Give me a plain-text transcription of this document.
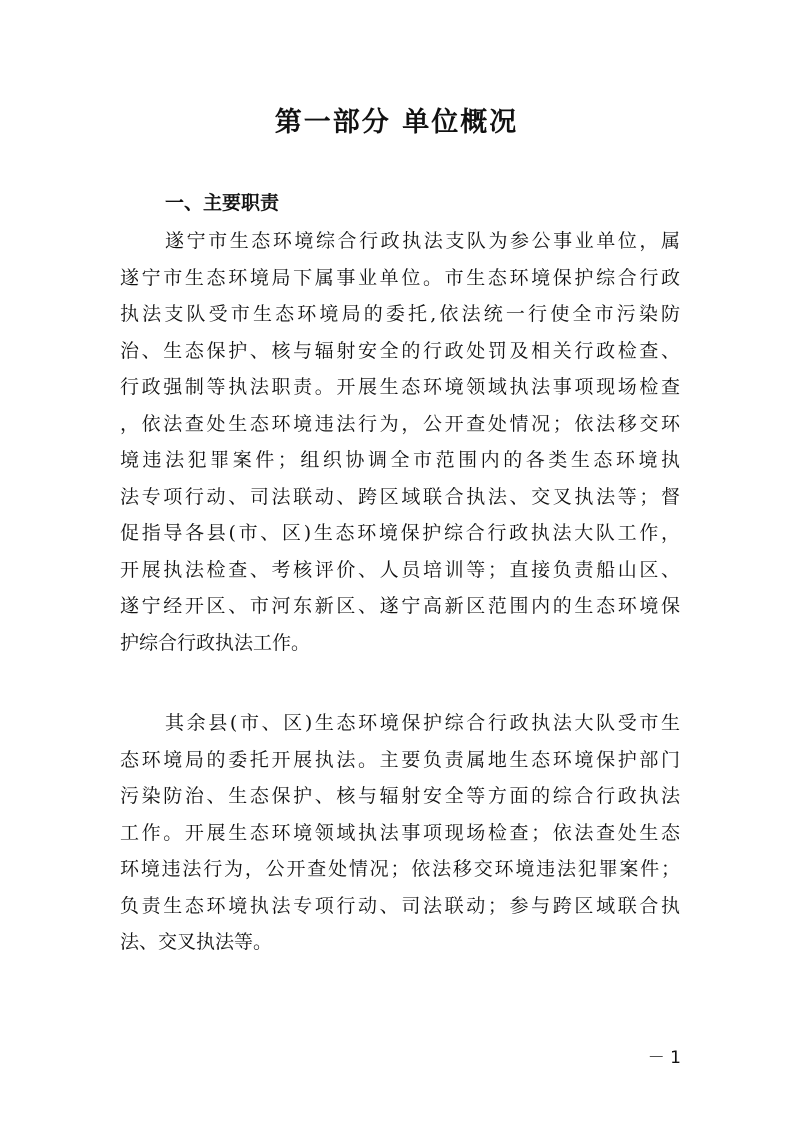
第一部分 单位概况
一、主要职责
遂宁市生态环境综合行政执法支队为参公事业单位，属
遂宁市生态环境局下属事业单位。市生态环境保护综合行政
执法支队受市生态环境局的委托,依法统一行使全市污染防
治、生态保护、核与辐射安全的行政处罚及相关行政检查、
行政强制等执法职责。开展生态环境领域执法事项现场检查
，依法查处生态环境违法行为，公开查处情况；依法移交环
境违法犯罪案件；组织协调全市范围内的各类生态环境执
法专项行动、司法联动、跨区域联合执法、交叉执法等；督
促指导各县(市、区)生态环境保护综合行政执法大队工作，
开展执法检查、考核评价、人员培训等；直接负责船山区、
遂宁经开区、市河东新区、遂宁高新区范围内的生态环境保
护综合行政执法工作。
其余县(市、区)生态环境保护综合行政执法大队受市生
态环境局的委托开展执法。主要负责属地生态环境保护部门
污染防治、生态保护、核与辐射安全等方面的综合行政执法
工作。开展生态环境领域执法事项现场检查；依法查处生态
环境违法行为，公开查处情况；依法移交环境违法犯罪案件；
负责生态环境执法专项行动、司法联动；参与跨区域联合执
法、交叉执法等。
－ 1
